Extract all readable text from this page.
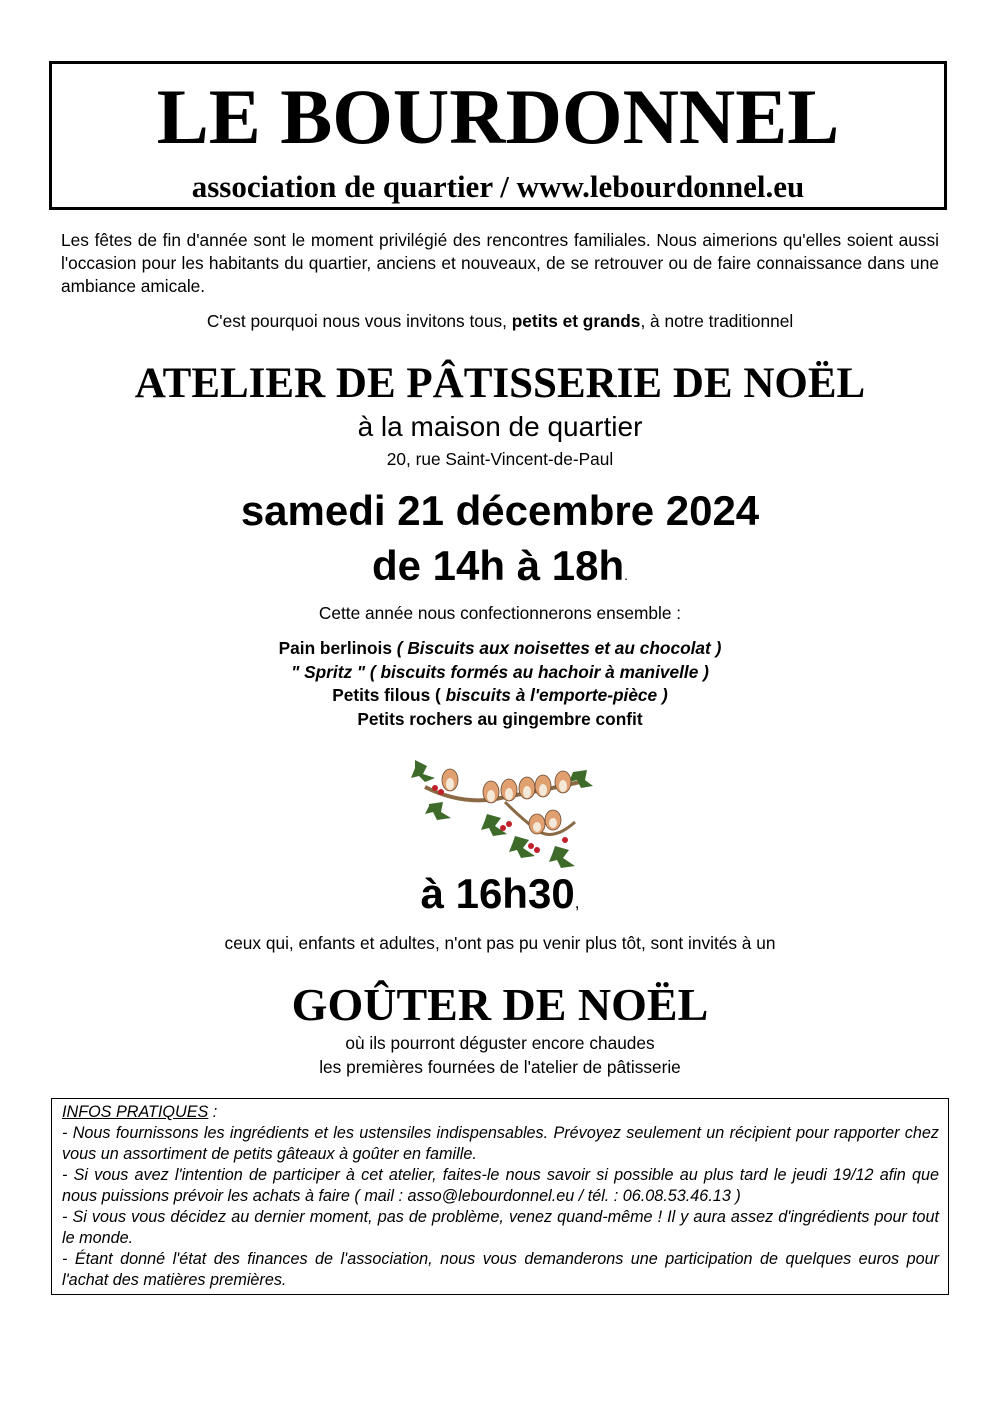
LE BOURDONNEL
association de quartier / www.lebourdonnel.eu
Les fêtes de fin d'année sont le moment privilégié des rencontres familiales. Nous aimerions qu'elles soient aussi l'occasion pour les habitants du quartier, anciens et nouveaux, de se retrouver ou de faire connaissance dans une ambiance amicale.
C'est pourquoi nous vous invitons tous, petits et grands, à notre traditionnel
ATELIER DE PÂTISSERIE DE NOËL
à la maison de quartier
20, rue Saint-Vincent-de-Paul
samedi 21 décembre 2024
de 14h à 18h.
Cette année nous confectionnerons ensemble :
Pain berlinois ( Biscuits aux noisettes et au chocolat )
" Spritz " ( biscuits formés au hachoir à manivelle )
Petits filous ( biscuits à l'emporte-pièce )
Petits rochers au gingembre confit
à 16h30,
ceux qui, enfants et adultes, n'ont pas pu venir plus tôt, sont invités à un
GOÛTER DE NOËL
où ils pourront déguster encore chaudes
les premières fournées de l'atelier de pâtisserie

INFOS PRATIQUES :

- Nous fournissons les ingrédients et les ustensiles indispensables. Prévoyez seulement un récipient pour rapporter chez vous un assortiment de petits gâteaux à goûter en famille.

- Si vous avez l'intention de participer à cet atelier, faites-le nous savoir si possible au plus tard le jeudi 19/12 afin que nous puissions prévoir les achats à faire ( mail : asso@lebourdonnel.eu / tél. : 06.08.53.46.13 )

- Si vous vous décidez au dernier moment, pas de problème, venez quand-même ! Il y aura assez d'ingrédients pour tout le monde.

- Étant donné l'état des finances de l'association, nous vous demanderons une participation de quelques euros pour l'achat des matières premières.
